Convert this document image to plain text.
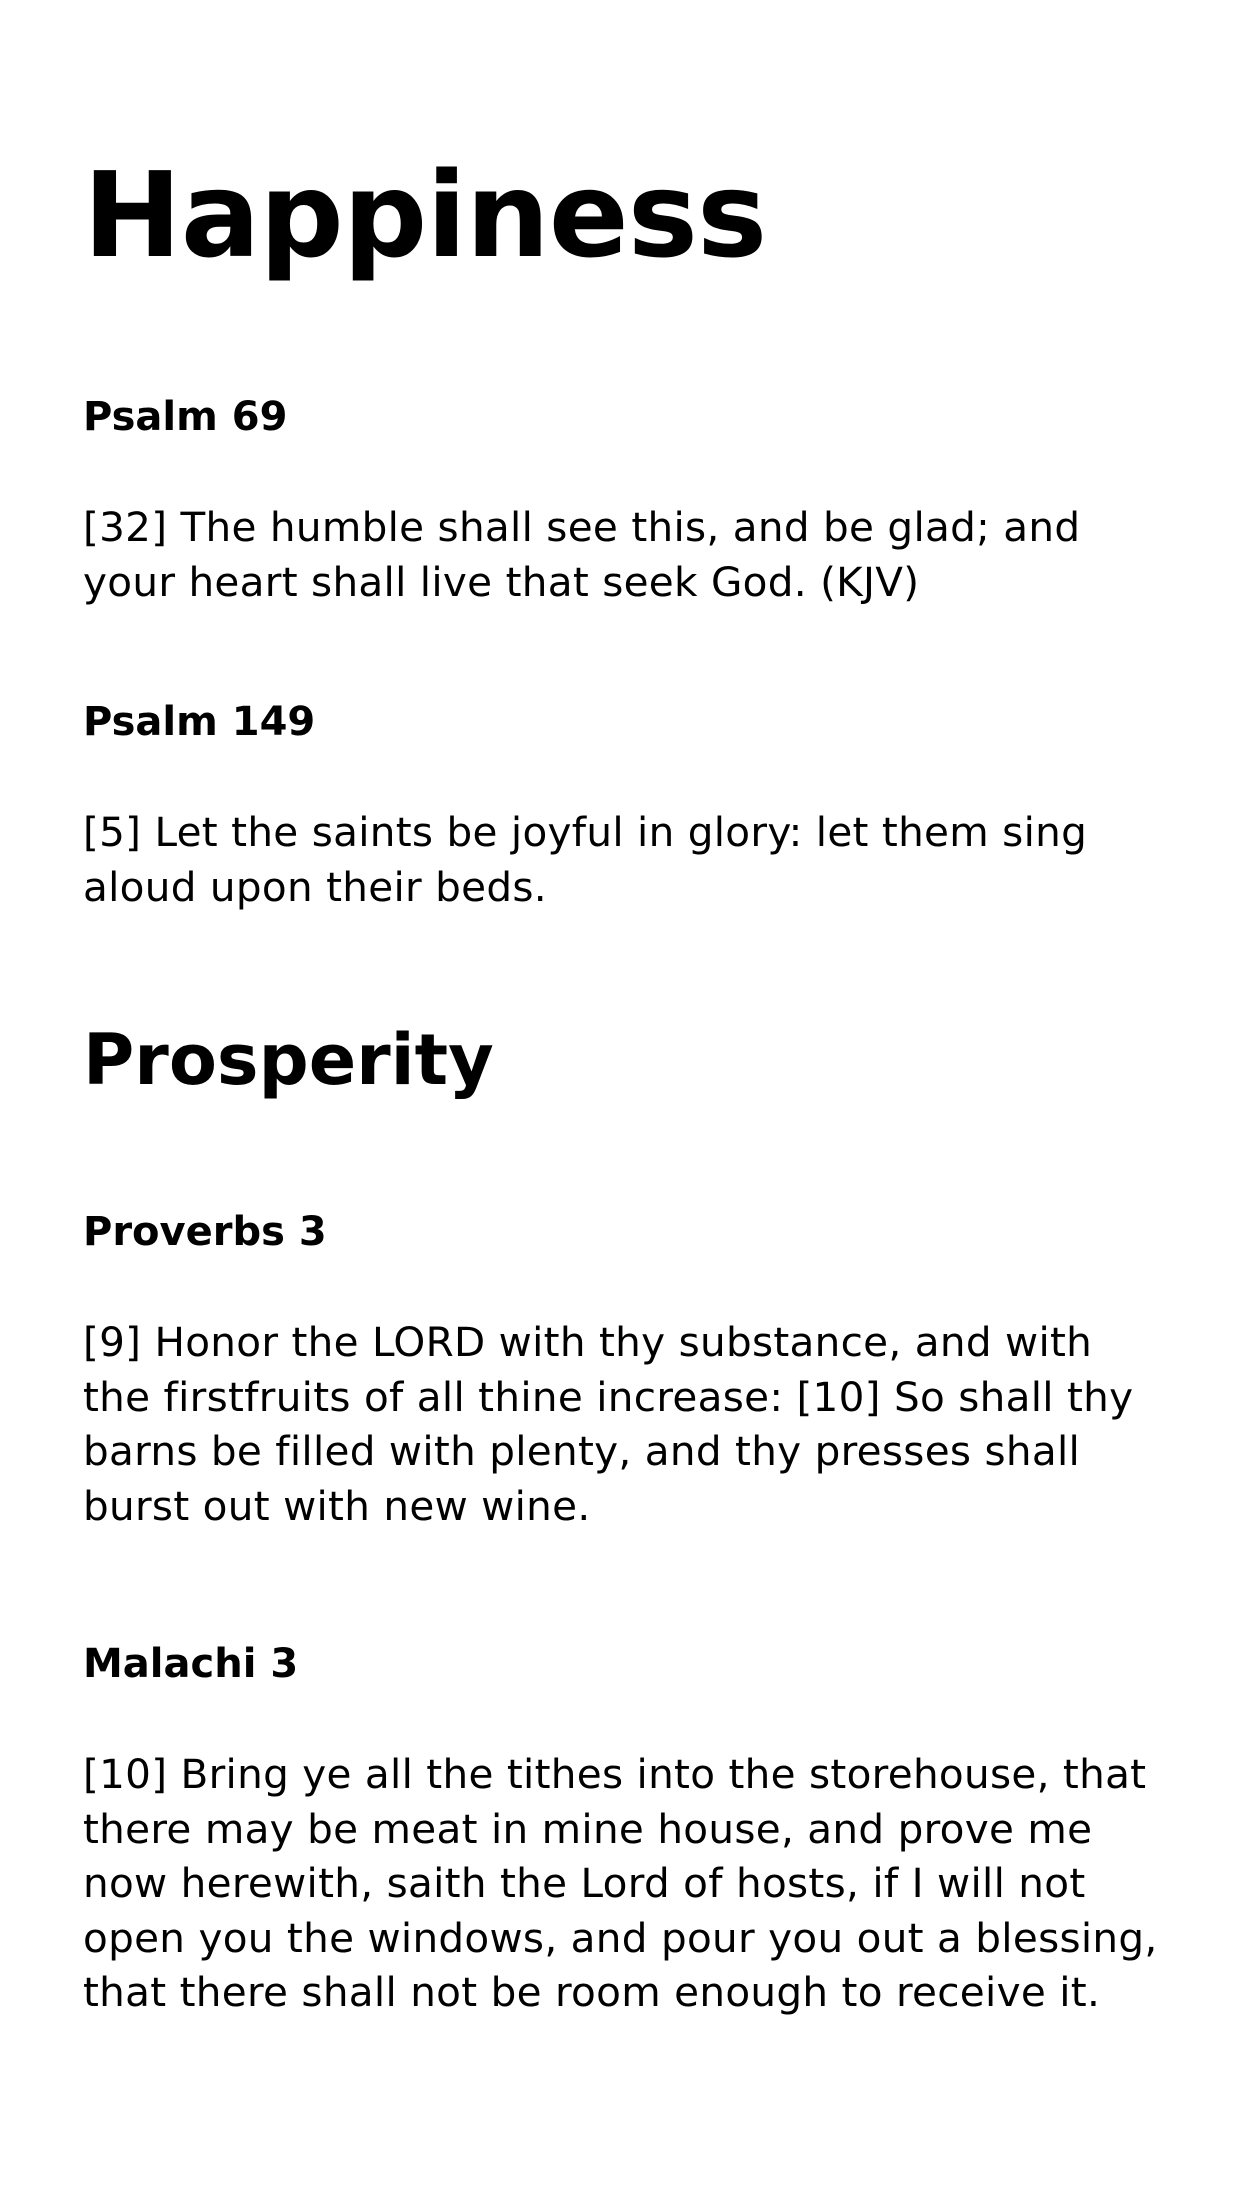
Happiness
Psalm 69

[32] The humble shall see this, and be glad; and your heart shall live that seek God. (KJV)

Psalm 149

[5] Let the saints be joyful in glory: let them sing aloud upon their beds.

Prosperity
Proverbs 3

[9] Honor the LORD with thy substance, and with the firstfruits of all thine increase: [10] So shall thy barns be filled with plenty, and thy presses shall burst out with new wine.

Malachi 3

[10] Bring ye all the tithes into the storehouse, that there may be meat in mine house, and prove me now herewith, saith the Lord of hosts, if I will not open you the windows, and pour you out a blessing, that there shall not be room enough to receive it.
